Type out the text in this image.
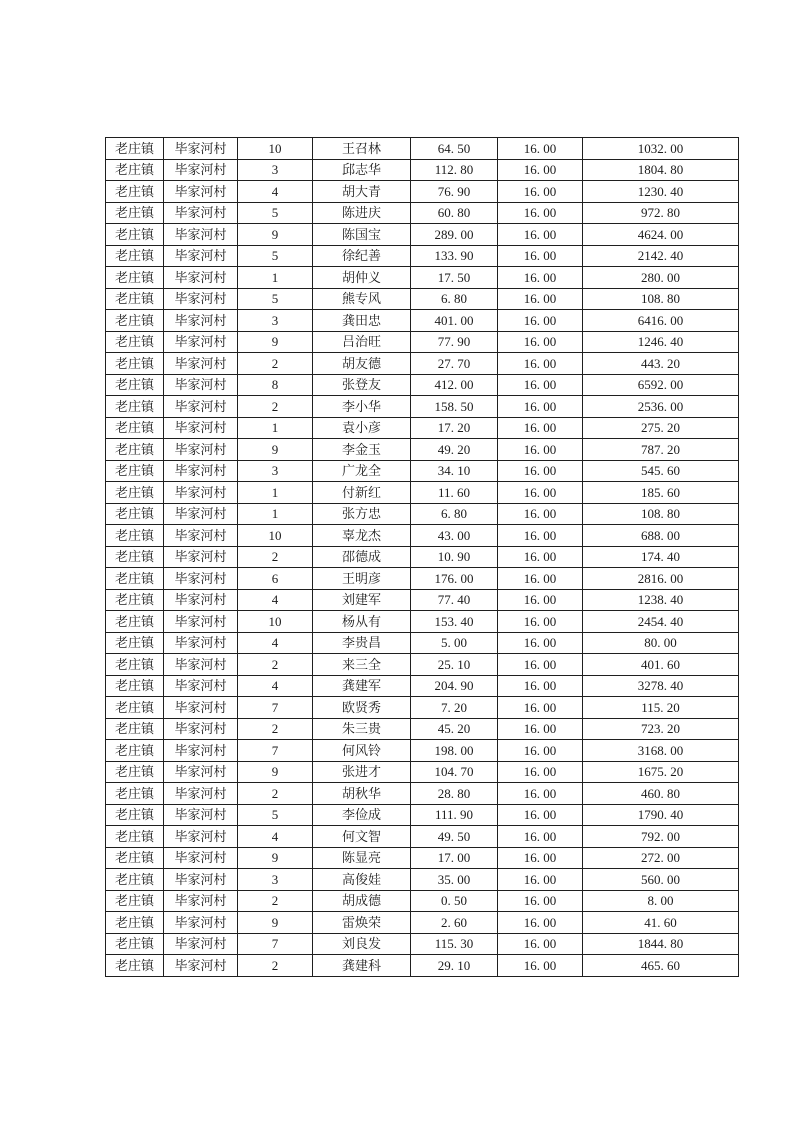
老庄镇	毕家河村	10	王召林	64. 50	16. 00	1032. 00
老庄镇	毕家河村	3	邱志华	112. 80	16. 00	1804. 80
老庄镇	毕家河村	4	胡大青	76. 90	16. 00	1230. 40
老庄镇	毕家河村	5	陈进庆	60. 80	16. 00	972. 80
老庄镇	毕家河村	9	陈国宝	289. 00	16. 00	4624. 00
老庄镇	毕家河村	5	徐纪善	133. 90	16. 00	2142. 40
老庄镇	毕家河村	1	胡仲义	17. 50	16. 00	280. 00
老庄镇	毕家河村	5	熊专风	6. 80	16. 00	108. 80
老庄镇	毕家河村	3	龚田忠	401. 00	16. 00	6416. 00
老庄镇	毕家河村	9	吕治旺	77. 90	16. 00	1246. 40
老庄镇	毕家河村	2	胡友德	27. 70	16. 00	443. 20
老庄镇	毕家河村	8	张登友	412. 00	16. 00	6592. 00
老庄镇	毕家河村	2	李小华	158. 50	16. 00	2536. 00
老庄镇	毕家河村	1	袁小彦	17. 20	16. 00	275. 20
老庄镇	毕家河村	9	李金玉	49. 20	16. 00	787. 20
老庄镇	毕家河村	3	广龙全	34. 10	16. 00	545. 60
老庄镇	毕家河村	1	付新红	11. 60	16. 00	185. 60
老庄镇	毕家河村	1	张方忠	6. 80	16. 00	108. 80
老庄镇	毕家河村	10	辜龙杰	43. 00	16. 00	688. 00
老庄镇	毕家河村	2	邵德成	10. 90	16. 00	174. 40
老庄镇	毕家河村	6	王明彦	176. 00	16. 00	2816. 00
老庄镇	毕家河村	4	刘建军	77. 40	16. 00	1238. 40
老庄镇	毕家河村	10	杨从有	153. 40	16. 00	2454. 40
老庄镇	毕家河村	4	李贵昌	5. 00	16. 00	80. 00
老庄镇	毕家河村	2	来三全	25. 10	16. 00	401. 60
老庄镇	毕家河村	4	龚建军	204. 90	16. 00	3278. 40
老庄镇	毕家河村	7	欧贤秀	7. 20	16. 00	115. 20
老庄镇	毕家河村	2	朱三贵	45. 20	16. 00	723. 20
老庄镇	毕家河村	7	何风铃	198. 00	16. 00	3168. 00
老庄镇	毕家河村	9	张进才	104. 70	16. 00	1675. 20
老庄镇	毕家河村	2	胡秋华	28. 80	16. 00	460. 80
老庄镇	毕家河村	5	李俭成	111. 90	16. 00	1790. 40
老庄镇	毕家河村	4	何文智	49. 50	16. 00	792. 00
老庄镇	毕家河村	9	陈显亮	17. 00	16. 00	272. 00
老庄镇	毕家河村	3	高俊娃	35. 00	16. 00	560. 00
老庄镇	毕家河村	2	胡成德	0. 50	16. 00	8. 00
老庄镇	毕家河村	9	雷焕荣	2. 60	16. 00	41. 60
老庄镇	毕家河村	7	刘良发	115. 30	16. 00	1844. 80
老庄镇	毕家河村	2	龚建科	29. 10	16. 00	465. 60
